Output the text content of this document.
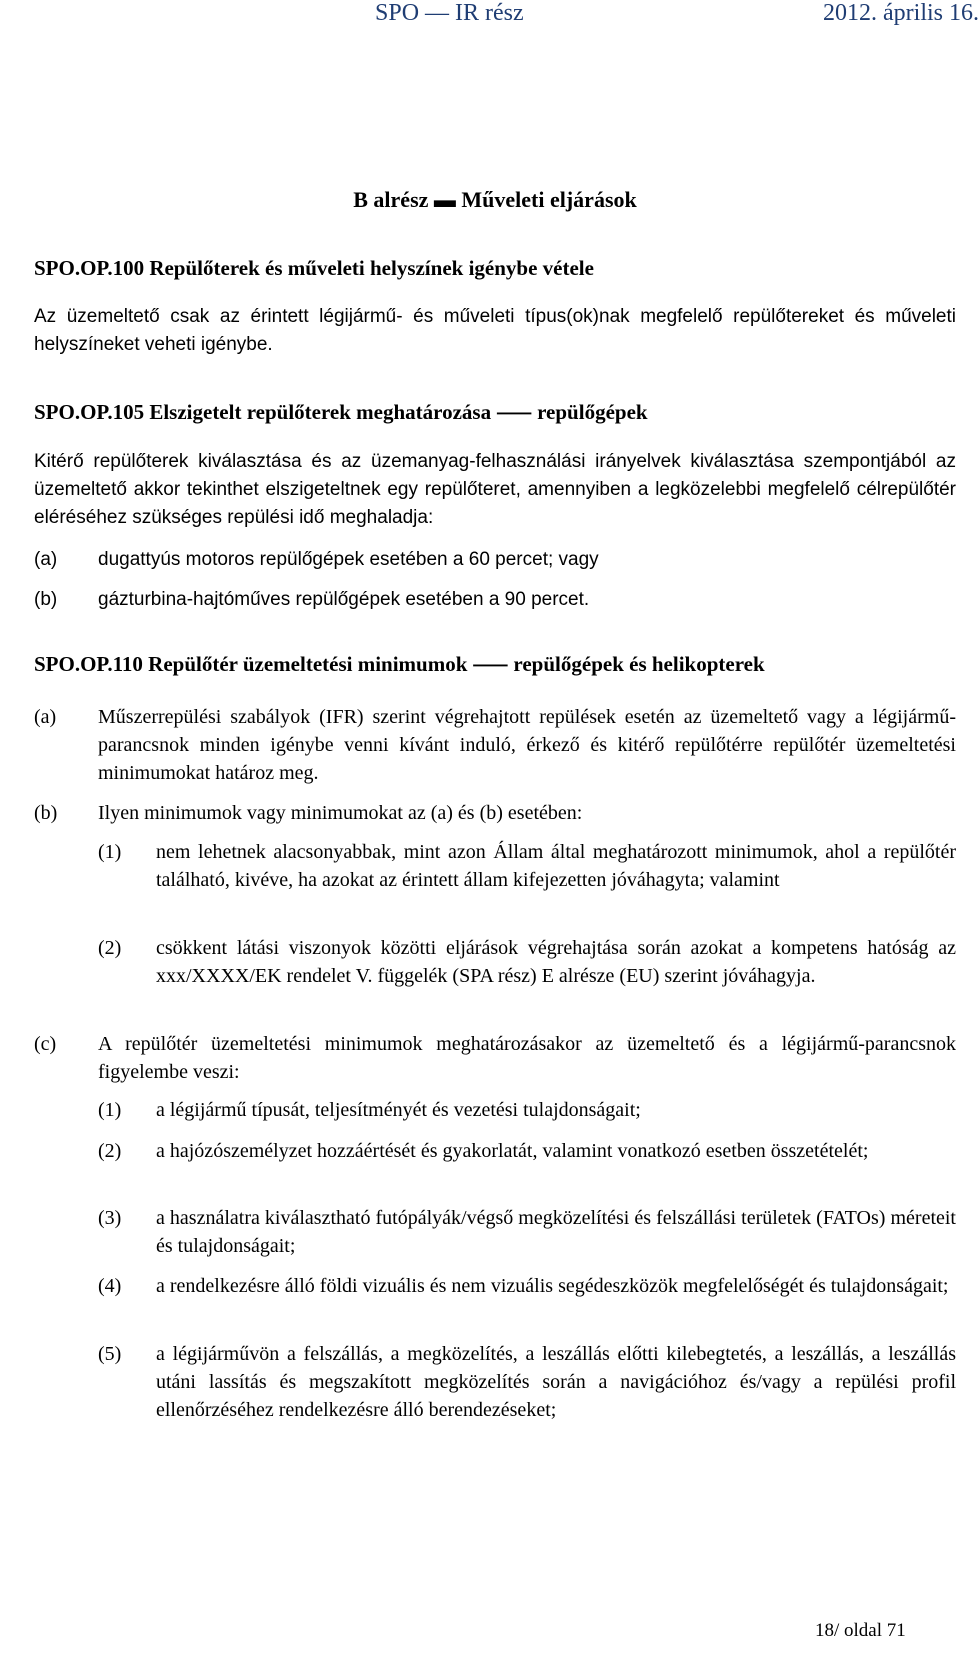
SPO — IR rész	2012. április 16.
B alrész ▬ Műveleti eljárások
SPO.OP.100 Repülőterek és műveleti helyszínek igénybe vétele
Az üzemeltető csak az érintett légijármű- és műveleti típus(ok)nak megfelelő repülőtereket és műveleti helyszíneket veheti igénybe.
SPO.OP.105 Elszigetelt repülőterek meghatározása ⸺ repülőgépek
Kitérő repülőterek kiválasztása és az üzemanyag-felhasználási irányelvek kiválasztása szempontjából az üzemeltető akkor tekinthet elszigeteltnek egy repülőteret, amennyiben a legközelebbi megfelelő célrepülőtér eléréséhez szükséges repülési idő meghaladja:
(a) dugattyús motoros repülőgépek esetében a 60 percet; vagy
(b) gázturbina-hajtóműves repülőgépek esetében a 90 percet.
SPO.OP.110 Repülőtér üzemeltetési minimumok ⸺ repülőgépek és helikopterek
(a) Műszerrepülési szabályok (IFR) szerint végrehajtott repülések esetén az üzemeltető vagy a légijármű-parancsnok minden igénybe venni kívánt induló, érkező és kitérő repülőtérre repülőtér üzemeltetési minimumokat határoz meg.
(b) Ilyen minimumok vagy minimumokat az (a) és (b) esetében:
(1) nem lehetnek alacsonyabbak, mint azon Állam által meghatározott minimumok, ahol a repülőtér található, kivéve, ha azokat az érintett állam kifejezetten jóváhagyta; valamint
(2) csökkent látási viszonyok közötti eljárások végrehajtása során azokat a kompetens hatóság az xxx/XXXX/EK rendelet V. függelék (SPA rész) E alrésze (EU) szerint jóváhagyja.
(c) A repülőtér üzemeltetési minimumok meghatározásakor az üzemeltető és a légijármű-parancsnok figyelembe veszi:
(1) a légijármű típusát, teljesítményét és vezetési tulajdonságait;
(2) a hajózószemélyzet hozzáértését és gyakorlatát, valamint vonatkozó esetben összetételét;
(3) a használatra kiválasztható futópályák/végső megközelítési és felszállási területek (FATOs) méreteit és tulajdonságait;
(4) a rendelkezésre álló földi vizuális és nem vizuális segédeszközök megfelelőségét és tulajdonságait;
(5) a légijárművön a felszállás, a megközelítés, a leszállás előtti kilebegtetés, a leszállás, a leszállás utáni lassítás és megszakított megközelítés során a navigációhoz és/vagy a repülési profil ellenőrzéséhez rendelkezésre álló berendezéseket;
18/ oldal 71
